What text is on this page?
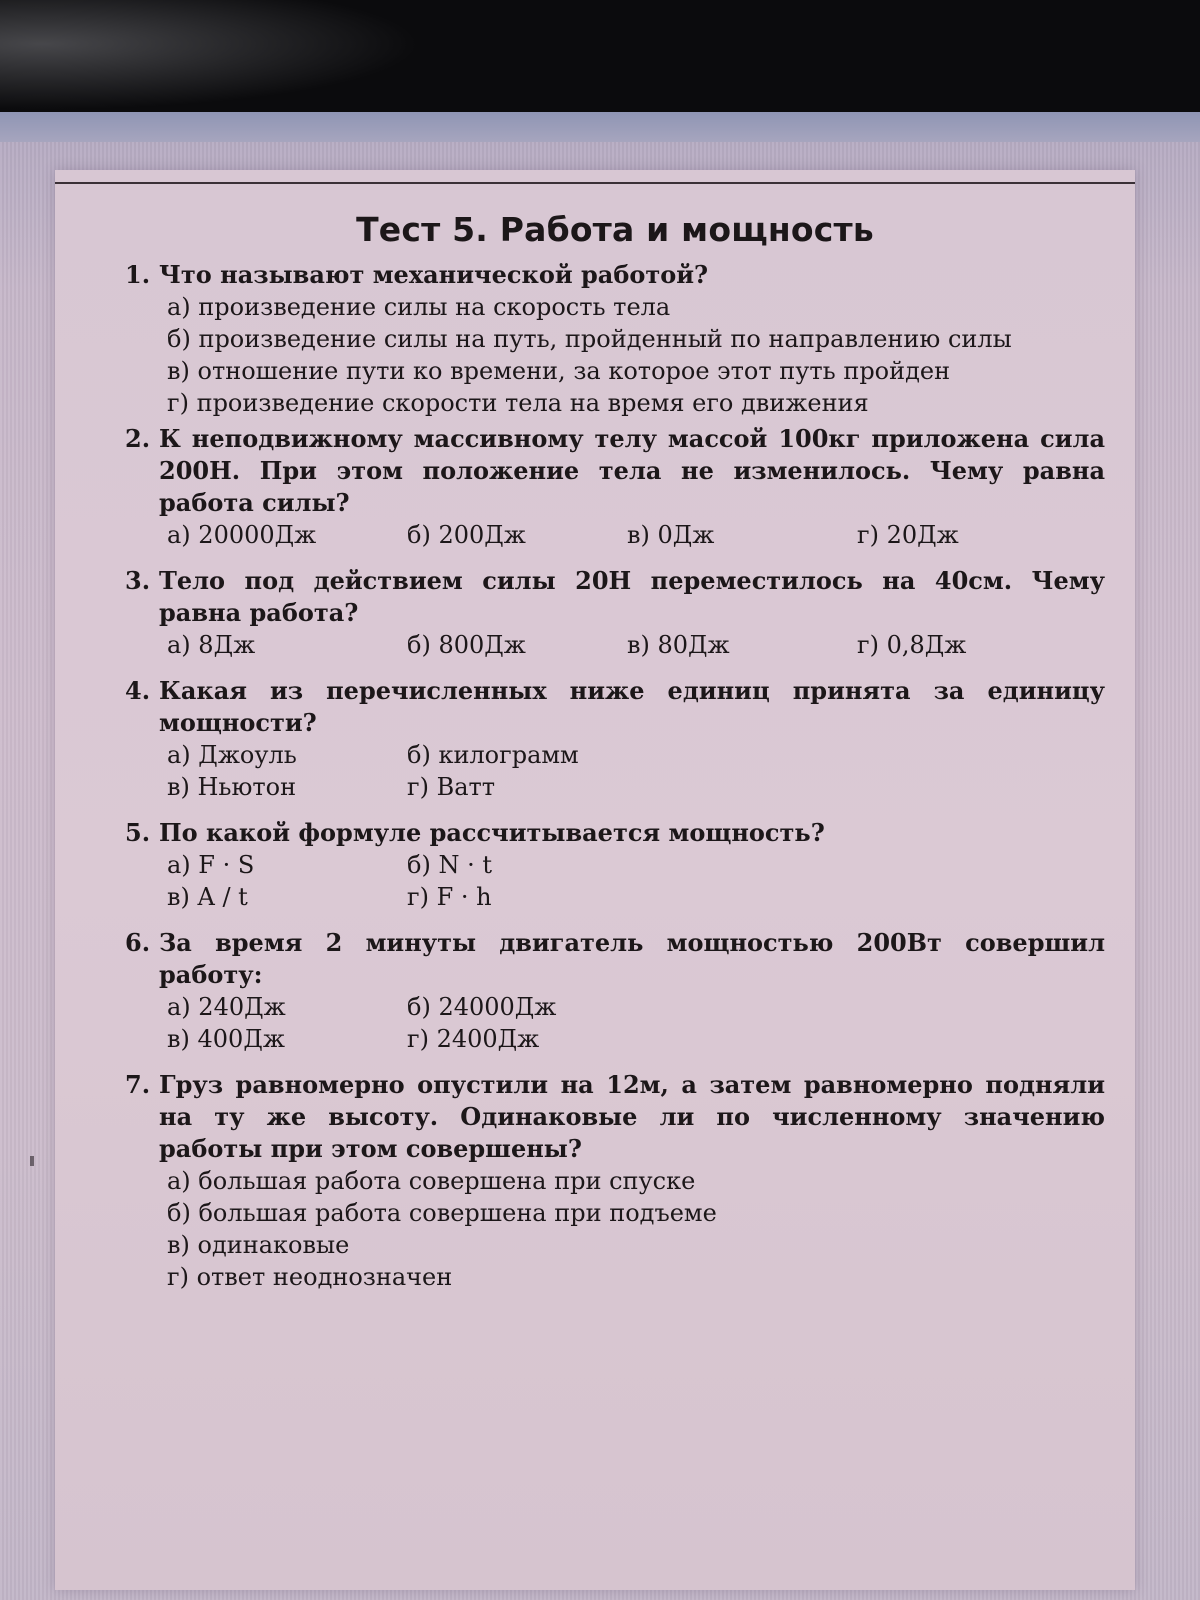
Тест 5. Работа и мощность
1. Что называют механической работой?
а) произведение силы на скорость тела
б) произведение силы на путь, пройденный по направлению силы
в) отношение пути ко времени, за которое этот путь пройден
г) произведение скорости тела на время его движения
2. К неподвижному массивному телу массой 100кг приложена сила 200Н. При этом положение тела не изменилось. Чему равна работа силы?
а) 20000Дж	б) 200Дж	в) 0Дж	г) 20Дж
3. Тело под действием силы 20Н переместилось на 40см. Чему равна работа?
а) 8Дж	б) 800Дж	в) 80Дж	г) 0,8Дж
4. Какая из перечисленных ниже единиц принята за единицу мощности?
а) Джоуль	б) килограмм
в) Ньютон	г) Ватт
5. По какой формуле рассчитывается мощность?
а) F · S	б) N · t
в) A / t	г) F · h
6. За время 2 минуты двигатель мощностью 200Вт совершил работу:
а) 240Дж	б) 24000Дж
в) 400Дж	г) 2400Дж
7. Груз равномерно опустили на 12м, а затем равномерно подняли на ту же высоту. Одинаковые ли по численному значению работы при этом совершены?
а) большая работа совершена при спуске
б) большая работа совершена при подъеме
в) одинаковые
г) ответ неоднозначен
